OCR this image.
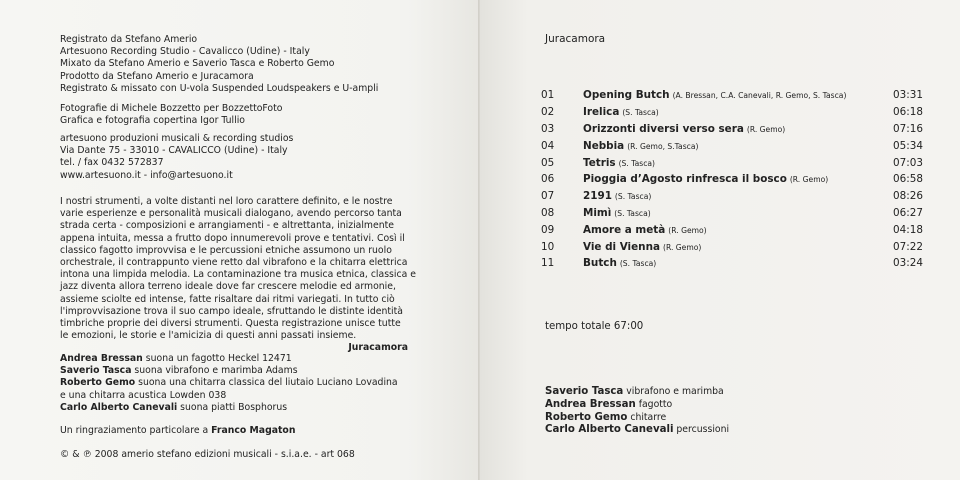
Registrato da Stefano Amerio
Artesuono Recording Studio - Cavalicco (Udine) - Italy
Mixato da Stefano Amerio e Saverio Tasca e Roberto Gemo
Prodotto da Stefano Amerio e Juracamora
Registrato & missato con U-vola Suspended Loudspeakers e U-ampli
Fotografie di Michele Bozzetto per BozzettoFoto
Grafica e fotografia copertina Igor Tullio
artesuono produzioni musicali & recording studios
Via Dante 75 - 33010 - CAVALICCO (Udine) - Italy
tel. / fax 0432 572837
www.artesuono.it - info@artesuono.it
I nostri strumenti, a volte distanti nel loro carattere definito, e le nostre
varie esperienze e personalità musicali dialogano, avendo percorso tanta
strada certa - composizioni e arrangiamenti - e altrettanta, inizialmente
appena intuita, messa a frutto dopo innumerevoli prove e tentativi. Così il
classico fagotto improvvisa e le percussioni etniche assumono un ruolo
orchestrale, il contrappunto viene retto dal vibrafono e la chitarra elettrica
intona una limpida melodia. La contaminazione tra musica etnica, classica e
jazz diventa allora terreno ideale dove far crescere melodie ed armonie,
assieme sciolte ed intense, fatte risaltare dai ritmi variegati. In tutto ciò
l'improvvisazione trova il suo campo ideale, sfruttando le distinte identità
timbriche proprie dei diversi strumenti. Questa registrazione unisce tutte
le emozioni, le storie e l'amicizia di questi anni passati insieme.
Juracamora
Andrea Bressan suona un fagotto Heckel 12471
Saverio Tasca suona vibrafono e marimba Adams
Roberto Gemo suona una chitarra classica del liutaio Luciano Lovadina
e una chitarra acustica Lowden 038
Carlo Alberto Canevali suona piatti Bosphorus
Un ringraziamento particolare a Franco Magaton
© & ℗ 2008 amerio stefano edizioni musicali - s.i.a.e. - art 068
Juracamora
01	Opening Butch (A. Bressan, C.A. Canevali, R. Gemo, S. Tasca)	03:31
02	Irelica (S. Tasca)	06:18
03	Orizzonti diversi verso sera (R. Gemo)	07:16
04	Nebbia (R. Gemo, S.Tasca)	05:34
05	Tetris (S. Tasca)	07:03
06	Pioggia d’Agosto rinfresca il bosco (R. Gemo)	06:58
07	2191 (S. Tasca)	08:26
08	Mimì (S. Tasca)	06:27
09	Amore a metà (R. Gemo)	04:18
10	Vie di Vienna (R. Gemo)	07:22
11	Butch (S. Tasca)	03:24
tempo totale 67:00
Saverio Tasca vibrafono e marimba
Andrea Bressan fagotto
Roberto Gemo chitarre
Carlo Alberto Canevali percussioni
